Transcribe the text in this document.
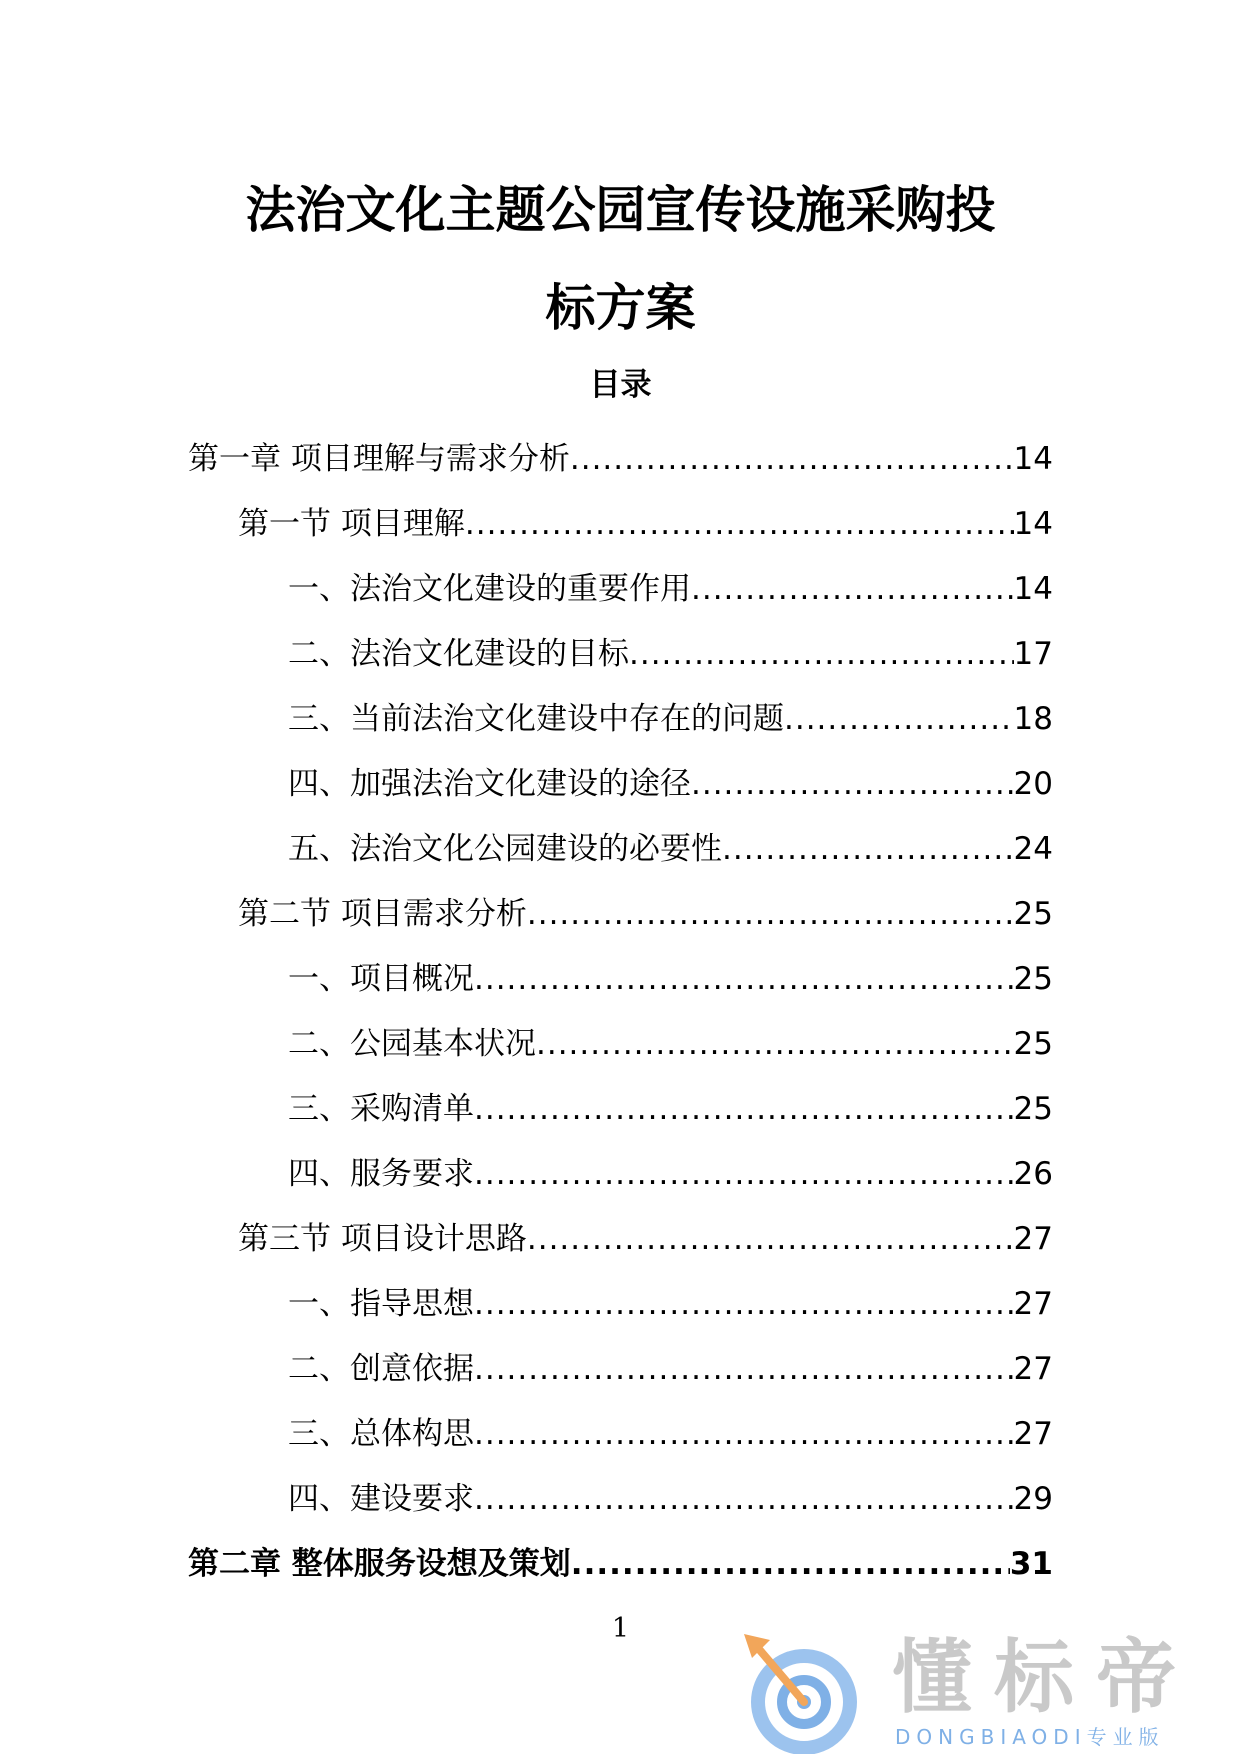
法治文化主题公园宣传设施采购投
标方案
目录
第一章 项目理解与需求分析 .....	14
第一节 项目理解 .....	14
一、法治文化建设的重要作用 .....	14
二、法治文化建设的目标 .....	17
三、当前法治文化建设中存在的问题 .....	18
四、加强法治文化建设的途径 .....	20
五、法治文化公园建设的必要性 .....	24
第二节 项目需求分析 .....	25
一、项目概况 .....	25
二、公园基本状况 .....	25
三、采购清单 .....	25
四、服务要求 .....	26
第三节 项目设计思路 .....	27
一、指导思想 .....	27
二、创意依据 .....	27
三、总体构思 .....	27
四、建设要求 .....	29
第二章 整体服务设想及策划 .....	31
1
懂标帝
DONGBIAODI专业版
